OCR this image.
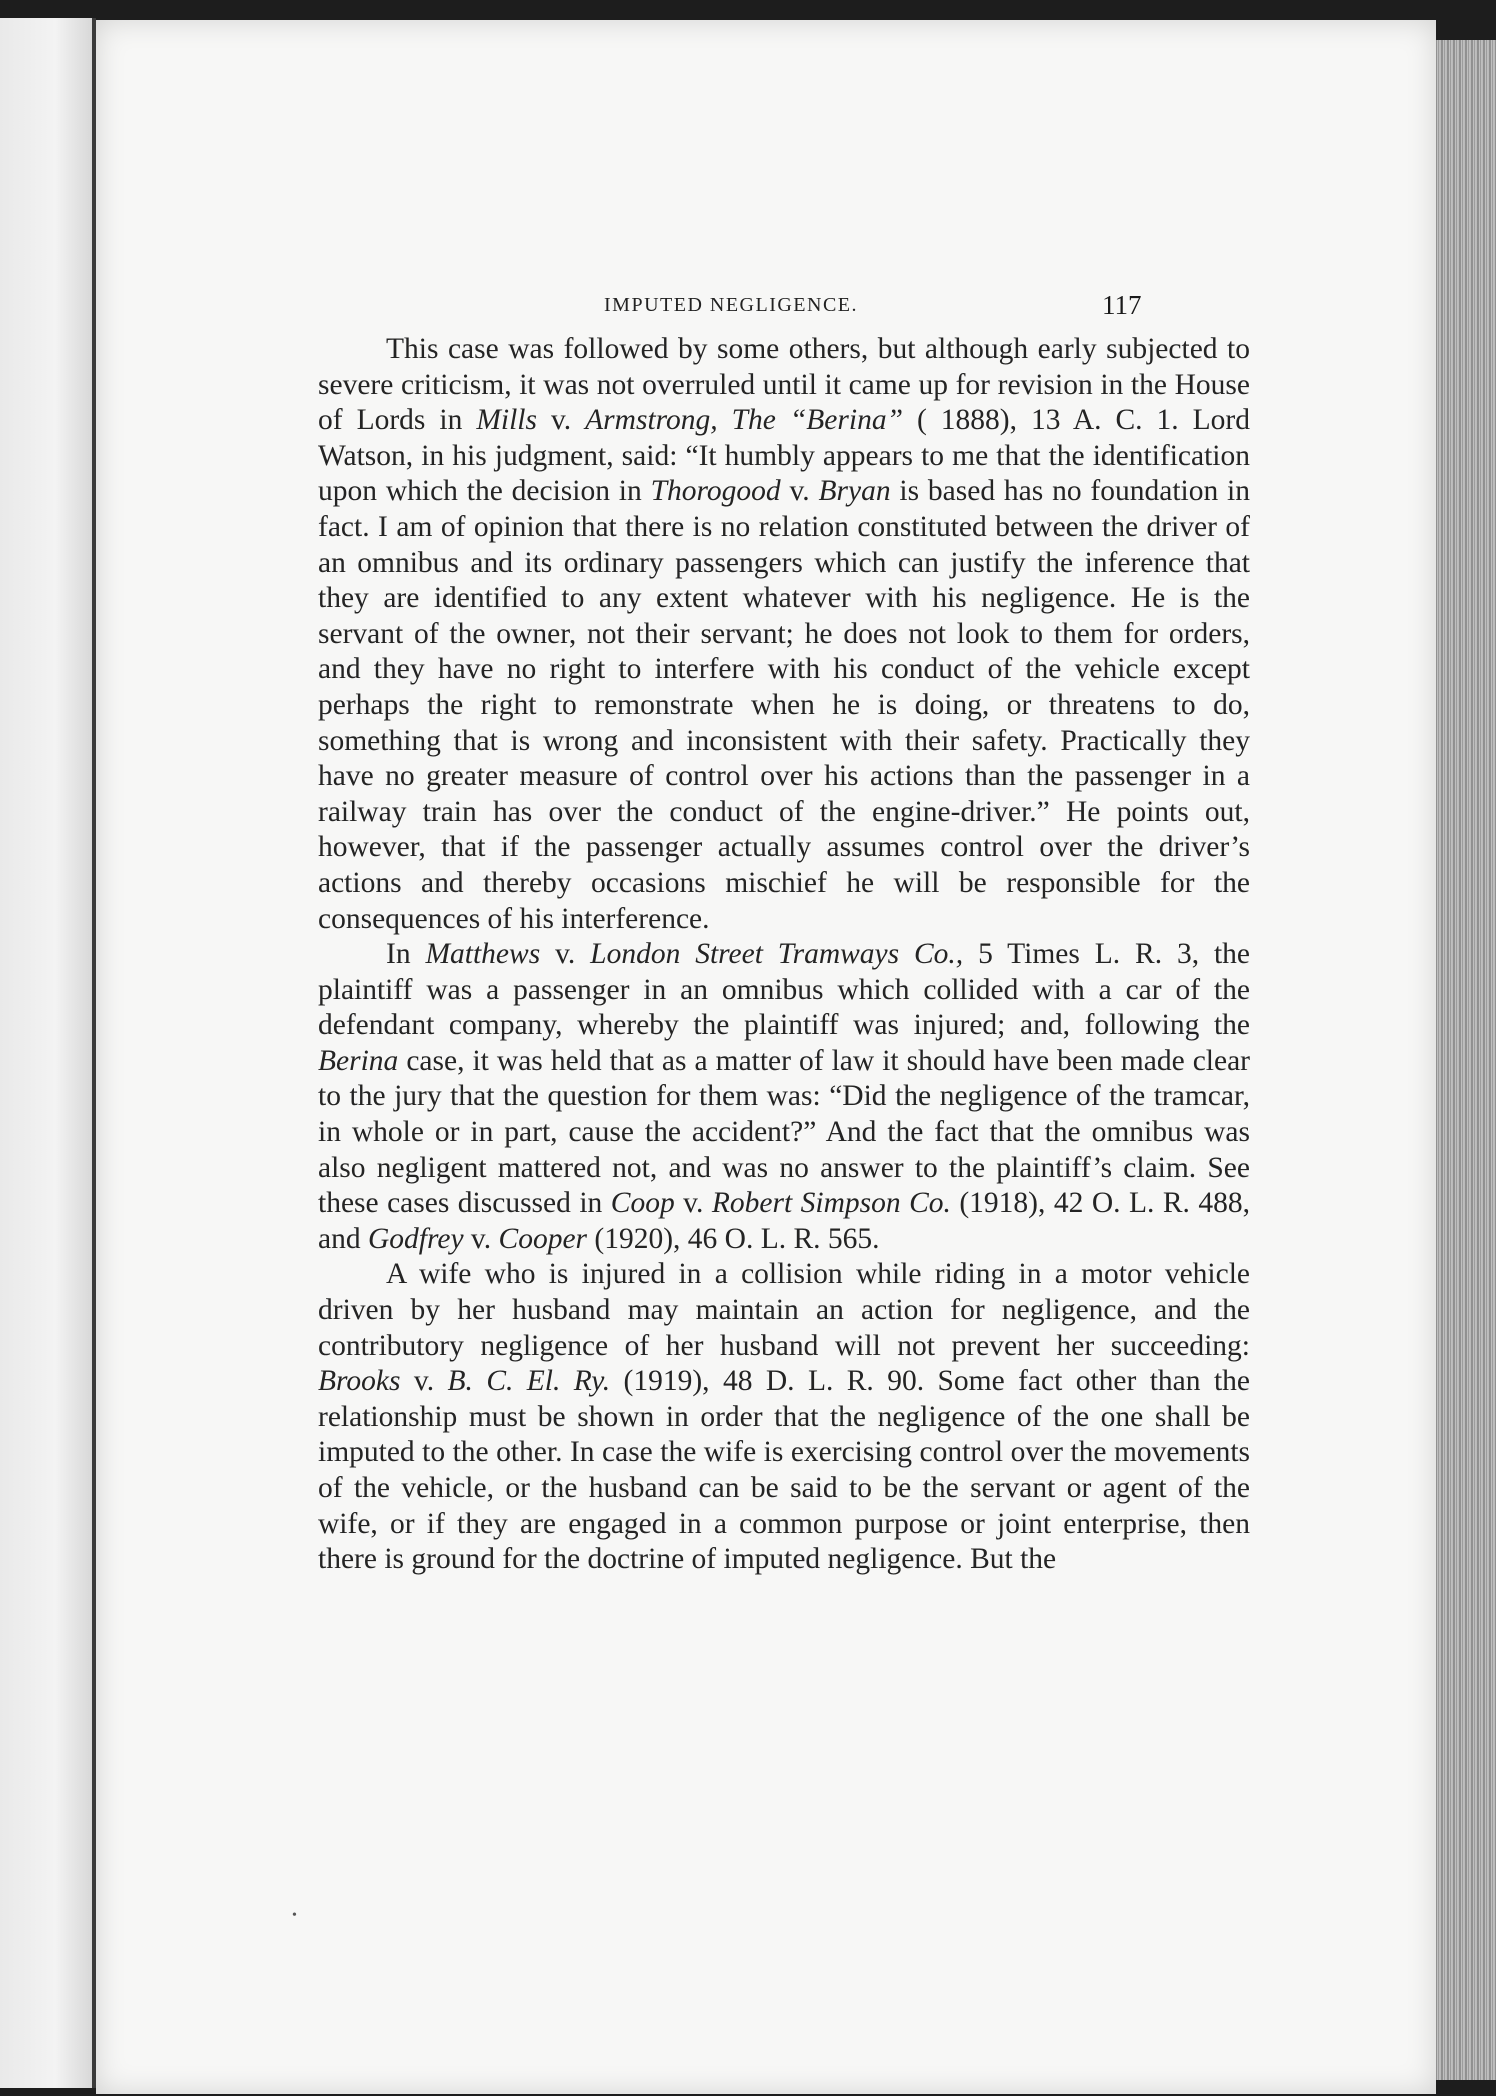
IMPUTED NEGLIGENCE.	117

This case was followed by some others, but although early subjected to severe criticism, it was not overruled until it came up for revision in the House of Lords in Mills v. Armstrong, The “Berina” ( 1888), 13 A. C. 1. Lord Watson, in his judgment, said: “It humbly appears to me that the identification upon which the decision in Thorogood v. Bryan is based has no foundation in fact. I am of opinion that there is no relation constituted between the driver of an omnibus and its ordinary passengers which can justify the inference that they are identified to any extent whatever with his negligence. He is the servant of the owner, not their servant; he does not look to them for orders, and they have no right to interfere with his conduct of the vehicle except perhaps the right to remonstrate when he is doing, or threatens to do, something that is wrong and inconsistent with their safety. Practically they have no greater measure of control over his actions than the passenger in a railway train has over the conduct of the engine-driver.” He points out, however, that if the passenger actually assumes control over the driver’s actions and thereby occasions mischief he will be responsible for the consequences of his interference.

In Matthews v. London Street Tramways Co., 5 Times L. R. 3, the plaintiff was a passenger in an omnibus which collided with a car of the defendant company, whereby the plaintiff was injured; and, following the Berina case, it was held that as a matter of law it should have been made clear to the jury that the question for them was: “Did the negligence of the tramcar, in whole or in part, cause the accident?” And the fact that the omnibus was also negligent mattered not, and was no answer to the plaintiff’s claim. See these cases discussed in Coop v. Robert Simpson Co. (1918), 42 O. L. R. 488, and Godfrey v. Cooper (1920), 46 O. L. R. 565.

A wife who is injured in a collision while riding in a motor vehicle driven by her husband may maintain an action for negligence, and the contributory negligence of her husband will not prevent her succeeding: Brooks v. B. C. El. Ry. (1919), 48 D. L. R. 90. Some fact other than the relationship must be shown in order that the negligence of the one shall be imputed to the other. In case the wife is exercising control over the movements of the vehicle, or the husband can be said to be the servant or agent of the wife, or if they are engaged in a common purpose or joint enterprise, then there is ground for the doctrine of imputed negligence. But the

•
